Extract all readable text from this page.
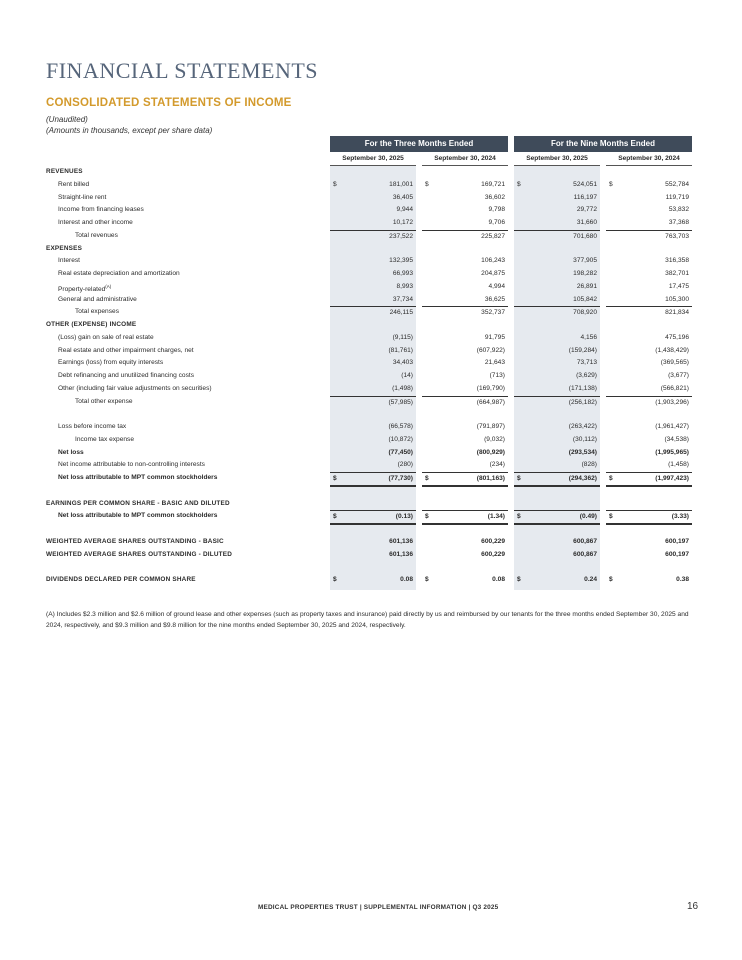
FINANCIAL STATEMENTS
CONSOLIDATED STATEMENTS OF INCOME
(Unaudited)
(Amounts in thousands, except per share data)
For the Three Months Ended	For the Nine Months Ended
September 30, 2025	September 30, 2024	September 30, 2025	September 30, 2024
REVENUES
Rent billed	$	181,001 $	169,721 $	524,051 $	552,784
Straight-line rent	36,405	36,602	116,197	119,719
Income from financing leases	9,944	9,798	29,772	53,832
Interest and other income	10,172	9,706	31,660	37,368
Total revenues	237,522	225,827	701,680	763,703
EXPENSES
Interest	132,395	106,243	377,905	316,358
Real estate depreciation and amortization	66,993	204,875	198,282	382,701
Property-related$^{(A)}$	8,993	4,994	26,891	17,475
General and administrative	37,734	36,625	105,842	105,300
Total expenses	246,115	352,737	708,920	821,834
OTHER (EXPENSE) INCOME
(Loss) gain on sale of real estate	(9,115)	91,795	4,156	475,196
Real estate and other impairment charges, net	(81,761)	(607,922)	(159,284)	(1,438,429)
Earnings (loss) from equity interests	34,403	21,643	73,713	(369,565)
Debt refinancing and unutilized financing costs	(14)	(713)	(3,629)	(3,677)
Other (including fair value adjustments on securities)	(1,498)	(169,790)	(171,138)	(566,821)
Total other expense	(57,985)	(664,987)	(256,182)	(1,903,296)
Loss before income tax	(66,578)	(791,897)	(263,422)	(1,961,427)
Income tax expense	(10,872)	(9,032)	(30,112)	(34,538)
Net loss	(77,450)	(800,929)	(293,534)	(1,995,965)
Net income attributable to non-controlling interests	(280)	(234)	(828)	(1,458)
Net loss attributable to MPT common stockholders	$	(77,730) $	(801,163) $	(294,362) $	(1,997,423)
EARNINGS PER COMMON SHARE - BASIC AND DILUTED
Net loss attributable to MPT common stockholders	$	(0.13) $	(1.34) $	(0.49) $	(3.33)
WEIGHTED AVERAGE SHARES OUTSTANDING - BASIC	601,136	600,229	600,867	600,197
WEIGHTED AVERAGE SHARES OUTSTANDING - DILUTED	601,136	600,229	600,867	600,197
DIVIDENDS DECLARED PER COMMON SHARE	$	0.08 $	0.08 $	0.24 $	0.38
(A) Includes $2.3 million and $2.6 million of ground lease and other expenses (such as property taxes and insurance) paid directly by us and reimbursed by our tenants for the three months ended September 30, 2025 and 2024, respectively, and $9.3 million and $9.8 million for the nine months ended September 30, 2025 and 2024, respectively.
MEDICAL PROPERTIES TRUST | SUPPLEMENTAL INFORMATION | Q3 2025	16
